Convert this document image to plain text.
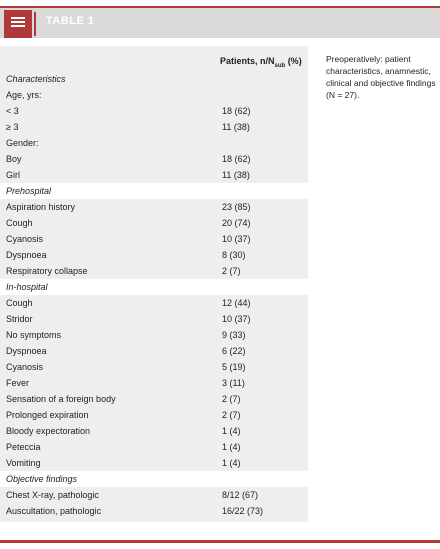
TABLE 1
Patients, $n/N_{sub}$ (%)
Characteristics
Age, yrs:
< 3	18 (62)
≥ 3	11 (38)
Gender:
Boy	18 (62)
Girl	11 (38)
Prehospital
Aspiration history	23 (85)
Cough	20 (74)
Cyanosis	10 (37)
Dyspnoea	8 (30)
Respiratory collapse	2 (7)
In-hospital
Cough	12 (44)
Stridor	10 (37)
No symptoms	9 (33)
Dyspnoea	6 (22)
Cyanosis	5 (19)
Fever	3 (11)
Sensation of a foreign body	2 (7)
Prolonged expiration	2 (7)
Bloody expectoration	1 (4)
Peteccia	1 (4)
Vomiting	1 (4)
Objective findings
Chest X-ray, pathologic	8/12 (67)
Auscultation, pathologic	16/22 (73)
Preoperatively: patient characteristics, anamnestic, clinical and objective findings (N = 27).
